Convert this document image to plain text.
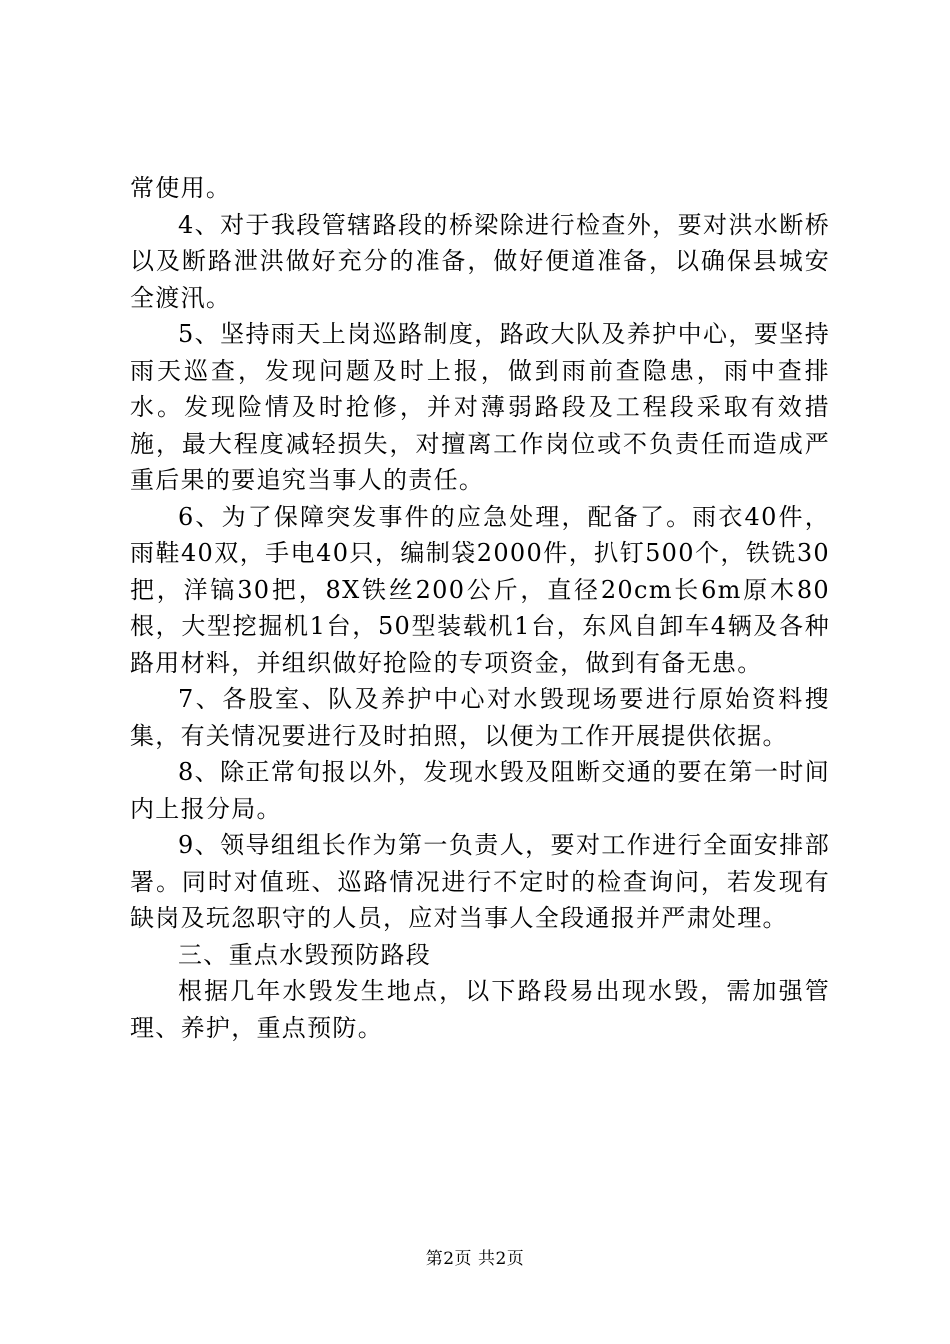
常使用。

4、对于我段管辖路段的桥梁除进行检查外，要对洪水断桥以及断路泄洪做好充分的准备，做好便道准备，以确保县城安全渡汛。

5、坚持雨天上岗巡路制度，路政大队及养护中心，要坚持雨天巡查，发现问题及时上报，做到雨前查隐患，雨中查排水。发现险情及时抢修，并对薄弱路段及工程段采取有效措施，最大程度减轻损失，对擅离工作岗位或不负责任而造成严重后果的要追究当事人的责任。

6、为了保障突发事件的应急处理，配备了。雨衣40件，雨鞋40双，手电40只，编制袋2000件，扒钉500个，铁铣30把，洋镐30把，8X铁丝200公斤，直径20cm长6m原木80根，大型挖掘机1台，50型装载机1台，东风自卸车4辆及各种路用材料，并组织做好抢险的专项资金，做到有备无患。

7、各股室、队及养护中心对水毁现场要进行原始资料搜集，有关情况要进行及时拍照，以便为工作开展提供依据。

8、除正常旬报以外，发现水毁及阻断交通的要在第一时间内上报分局。

9、领导组组长作为第一负责人，要对工作进行全面安排部署。同时对值班、巡路情况进行不定时的检查询问，若发现有缺岗及玩忽职守的人员，应对当事人全段通报并严肃处理。

三、重点水毁预防路段

根据几年水毁发生地点，以下路段易出现水毁，需加强管理、养护，重点预防。

第2页 共2页
